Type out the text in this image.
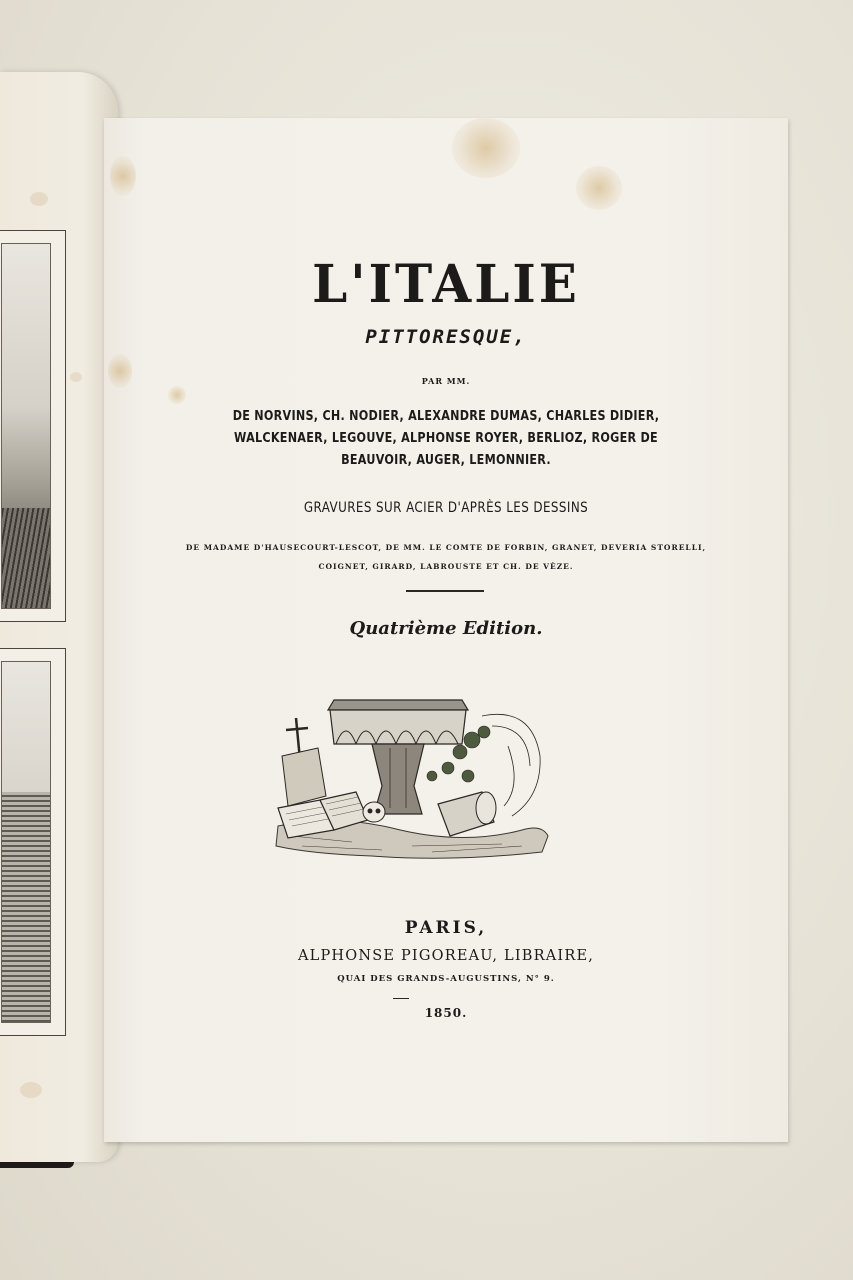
L'ITALIE
PITTORESQUE,
PAR MM.
DE NORVINS, CH. NODIER, ALEXANDRE DUMAS, CHARLES DIDIER, WALCKENAER, LEGOUVE, ALPHONSE ROYER, BERLIOZ, ROGER DE BEAUVOIR, AUGER, LEMONNIER.
GRAVURES SUR ACIER D'APRÈS LES DESSINS
DE MADAME D'HAUSECOURT-LESCOT, DE MM. LE COMTE DE FORBIN, GRANET, DEVERIA STORELLI, COIGNET, GIRARD, LABROUSTE ET CH. DE VÈZE.
Quatrième Edition.
PARIS,
ALPHONSE PIGOREAU, LIBRAIRE,
QUAI DES GRANDS-AUGUSTINS, N° 9.
1850.
